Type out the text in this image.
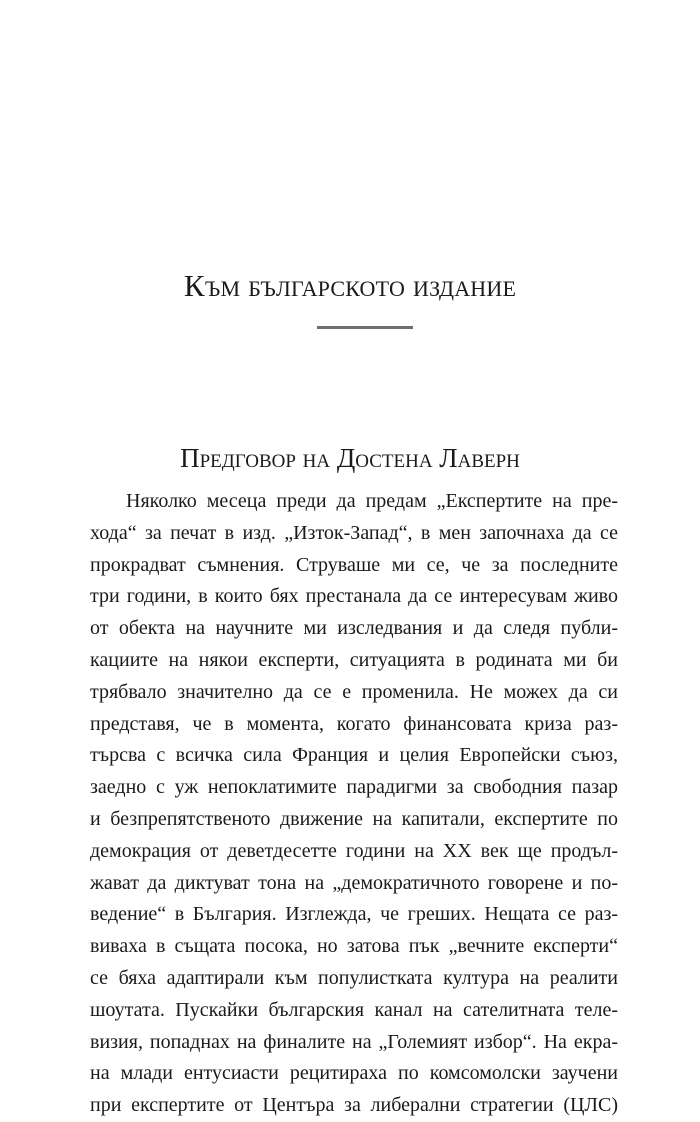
Към българското издание
Предговор на Достена Лаверн
Няколко месеца преди да предам „Експертите на пре-
хода“ за печат в изд. „Изток-Запад“, в мен започнаха да се
прокрадват съмнения. Струваше ми се, че за последните
три години, в които бях престанала да се интересувам живо
от обекта на научните ми изследвания и да следя публи-
кациите на някои експерти, ситуацията в родината ми би
трябвало значително да се е променила. Не можех да си
представя, че в момента, когато финансовата криза раз-
търсва с всичка сила Франция и целия Европейски съюз,
заедно с уж непоклатимите парадигми за свободния пазар
и безпрепятственото движение на капитали, експертите по
демокрация от деветдесетте години на XX век ще продъл-
жават да диктуват тона на „демократичното говорене и по-
ведение“ в България. Изглежда, че греших. Нещата се раз-
виваха в същата посока, но затова пък „вечните експерти“
се бяха адаптирали към популистката култура на реалити
шоутата. Пускайки българския канал на сателитната теле-
визия, попаднах на финалите на „Големият избор“. На екра-
на млади ентусиасти рецитираха по комсомолски заучени
при експертите от Центъра за либерални стратегии (ЦЛС)
